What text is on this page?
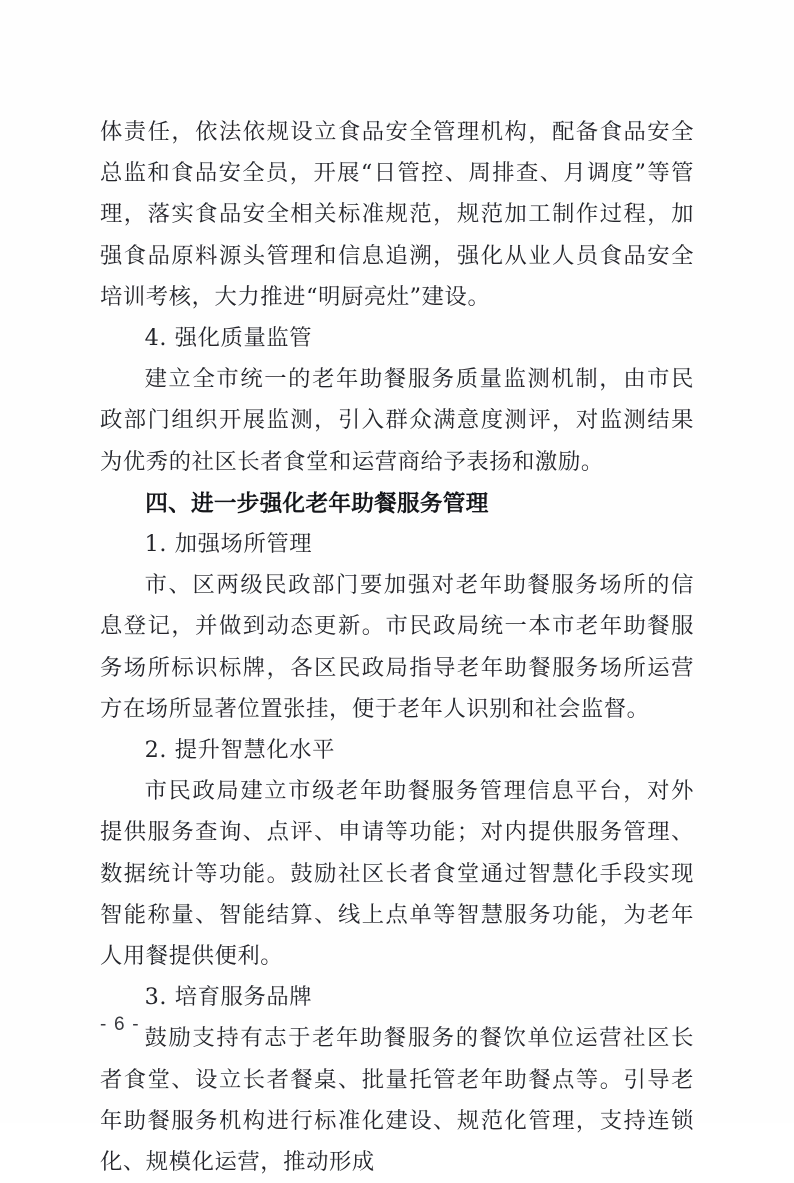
体责任，依法依规设立食品安全管理机构，配备食品安全总监和食品安全员，开展“日管控、周排查、月调度”等管理，落实食品安全相关标准规范，规范加工制作过程，加强食品原料源头管理和信息追溯，强化从业人员食品安全培训考核，大力推进“明厨亮灶”建设。

4. 强化质量监管

建立全市统一的老年助餐服务质量监测机制，由市民政部门组织开展监测，引入群众满意度测评，对监测结果为优秀的社区长者食堂和运营商给予表扬和激励。

四、进一步强化老年助餐服务管理

1. 加强场所管理

市、区两级民政部门要加强对老年助餐服务场所的信息登记，并做到动态更新。市民政局统一本市老年助餐服务场所标识标牌，各区民政局指导老年助餐服务场所运营方在场所显著位置张挂，便于老年人识别和社会监督。

2. 提升智慧化水平

市民政局建立市级老年助餐服务管理信息平台，对外提供服务查询、点评、申请等功能；对内提供服务管理、数据统计等功能。鼓励社区长者食堂通过智慧化手段实现智能称量、智能结算、线上点单等智慧服务功能，为老年人用餐提供便利。

3. 培育服务品牌

鼓励支持有志于老年助餐服务的餐饮单位运营社区长者食堂、设立长者餐桌、批量托管老年助餐点等。引导老年助餐服务机构进行标准化建设、规范化管理，支持连锁化、规模化运营，推动形成

- 6 -
